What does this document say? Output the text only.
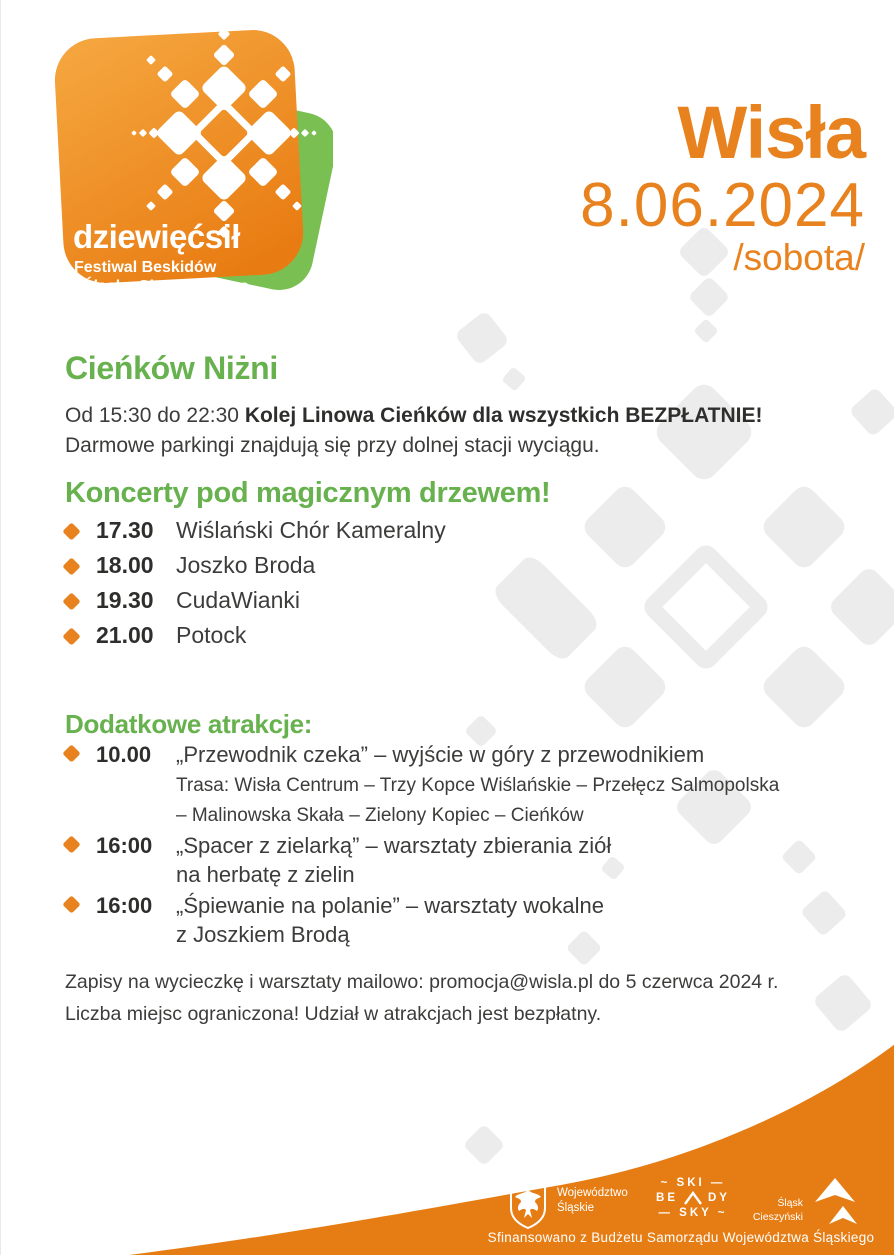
dziewięćsił
Festiwal Beskidów
i Śląska Cieszyńskiego
Wisła
8.06.2024
/sobota/
Cieńków Niżni

Od 15:30 do 22:30 Kolej Linowa Cieńków dla wszystkich BEZPŁATNIE!
Darmowe parkingi znajdują się przy dolnej stacji wyciągu.

Koncerty pod magicznym drzewem!
17.30 Wiślański Chór Kameralny
18.00 Joszko Broda
19.30 CudaWianki
21.00 Potock
Dodatkowe atrakcje:
10.00	„Przewodnik czeka” – wyjście w góry z przewodnikiem
Trasa: Wisła Centrum – Trzy Kopce Wiślańskie – Przełęcz Salmopolska
– Malinowska Skała – Zielony Kopiec – Cieńków
16:00	„Spacer z zielarką” – warsztaty zbierania ziół
na herbatę z zielin
16:00	„Śpiewanie na polanie” – warsztaty wokalne
z Joszkiem Brodą

Zapisy na wycieczkę i warsztaty mailowo: promocja@wisla.pl do 5 czerwca 2024 r.
Liczba miejsc ograniczona! Udział w atrakcjach jest bezpłatny.

Województwo
Śląskie
~ SKI —
BE	DY
— SKY ~
Śląsk
Cieszyński
Sfinansowano z Budżetu Samorządu Województwa Śląskiego
